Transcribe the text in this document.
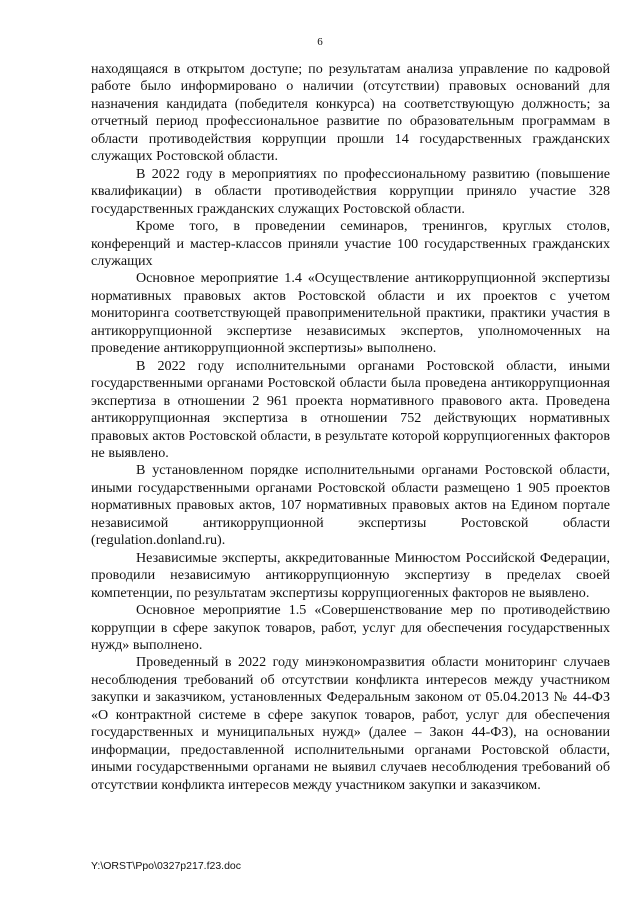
6

находящаяся в открытом доступе; по результатам анализа управление по кадровой работе было информировано о наличии (отсутствии) правовых оснований для назначения кандидата (победителя конкурса) на соответствующую должность; за отчетный период профессиональное развитие по образовательным программам в области противодействия коррупции прошли 14 государственных гражданских служащих Ростовской области.

В 2022 году в мероприятиях по профессиональному развитию (повышение квалификации) в области противодействия коррупции приняло участие 328 государственных гражданских служащих Ростовской области.

Кроме того, в проведении семинаров, тренингов, круглых столов, конференций и мастер-классов приняли участие 100 государственных гражданских служащих

Основное мероприятие 1.4 «Осуществление антикоррупционной экспертизы нормативных правовых актов Ростовской области и их проектов с учетом мониторинга соответствующей правоприменительной практики, практики участия в антикоррупционной экспертизе независимых экспертов, уполномоченных на проведение антикоррупционной экспертизы» выполнено.

В 2022 году исполнительными органами Ростовской области, иными государственными органами Ростовской области была проведена антикоррупционная экспертиза в отношении 2 961 проекта нормативного правового акта. Проведена антикоррупционная экспертиза в отношении 752 действующих нормативных правовых актов Ростовской области, в результате которой коррупциогенных факторов не выявлено.

В установленном порядке исполнительными органами Ростовской области, иными государственными органами Ростовской области размещено 1 905 проектов нормативных правовых актов, 107 нормативных правовых актов на Едином портале независимой антикоррупционной экспертизы Ростовской области (regulation.donland.ru).

Независимые эксперты, аккредитованные Минюстом Российской Федерации, проводили независимую антикоррупционную экспертизу в пределах своей компетенции, по результатам экспертизы коррупциогенных факторов не выявлено.

Основное мероприятие 1.5 «Совершенствование мер по противодействию коррупции в сфере закупок товаров, работ, услуг для обеспечения государственных нужд» выполнено.

Проведенный в 2022 году минэкономразвития области мониторинг случаев несоблюдения требований об отсутствии конфликта интересов между участником закупки и заказчиком, установленных Федеральным законом от 05.04.2013 № 44-ФЗ «О контрактной системе в сфере закупок товаров, работ, услуг для обеспечения государственных и муниципальных нужд» (далее – Закон 44-ФЗ), на основании информации, предоставленной исполнительными органами Ростовской области, иными государственными органами не выявил случаев несоблюдения требований об отсутствии конфликта интересов между участником закупки и заказчиком.

Y:\ORST\Ppo\0327p217.f23.doc
